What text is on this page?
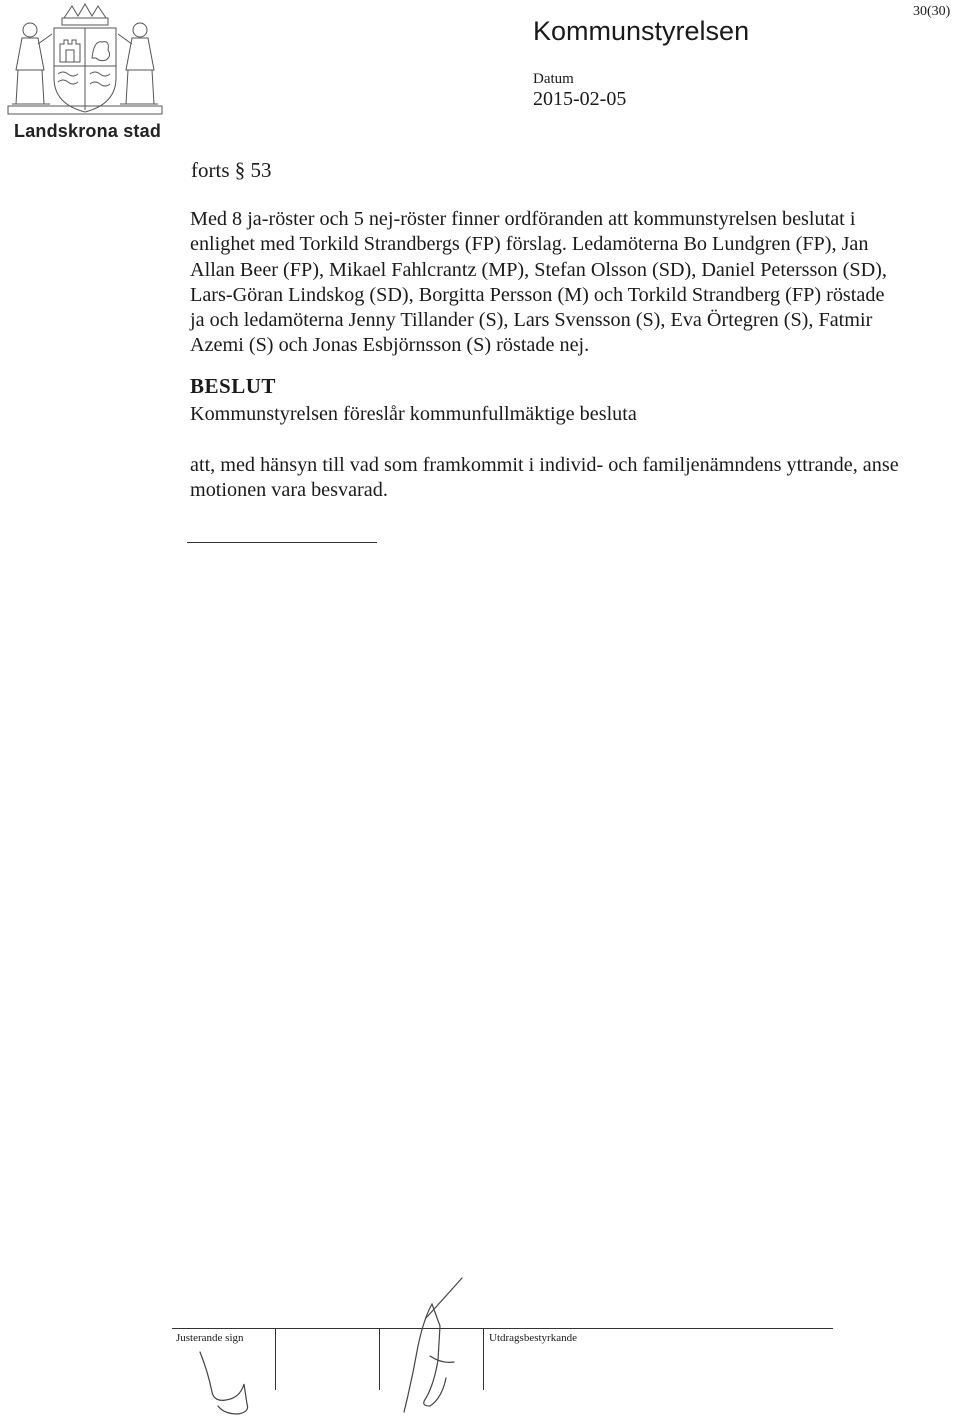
Landskrona stad
Kommunstyrelsen
30(30)
Datum
2015-02-05
forts § 53
Med 8 ja-röster och 5 nej-röster finner ordföranden att kommunstyrelsen beslutat i enlighet med Torkild Strandbergs (FP) förslag. Ledamöterna Bo Lundgren (FP), Jan Allan Beer (FP), Mikael Fahlcrantz (MP), Stefan Olsson (SD), Daniel Petersson (SD), Lars-Göran Lindskog (SD), Borgitta Persson (M) och Torkild Strandberg (FP) röstade ja och ledamöterna Jenny Tillander (S), Lars Svensson (S), Eva Örtegren (S), Fatmir Azemi (S) och Jonas Esbjörnsson (S) röstade nej.
BESLUT
Kommunstyrelsen föreslår kommunfullmäktige besluta
att, med hänsyn till vad som framkommit i individ- och familjenämndens yttrande, anse motionen vara besvarad.
Justerande sign	Utdragsbestyrkande
